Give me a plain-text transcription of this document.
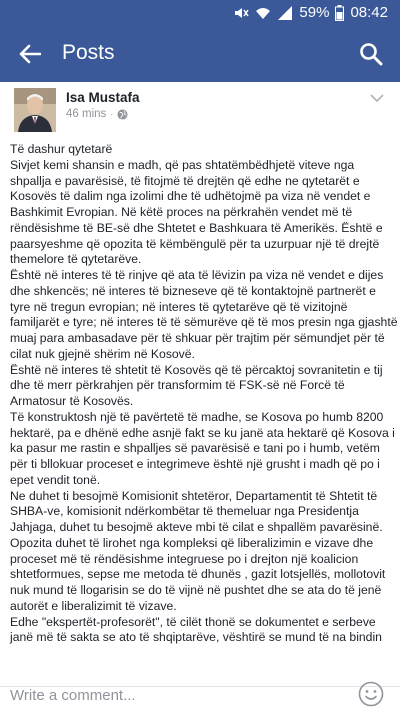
59% 08:42
Posts
Isa Mustafa
46 mins ·

Të dashur qytetarë

Sivjet kemi shansin e madh, që pas shtatëmbëdhjetë viteve nga shpallja e pavarësisë, të fitojmë të drejtën që edhe ne qytetarët e Kosovës të dalim nga izolimi dhe të udhëtojmë pa viza në vendet e Bashkimit Evropian. Në këtë proces na përkrahën vendet më të rëndësishme të BE-së dhe Shtetet e Bashkuara të Amerikës. Është e paarsyeshme që opozita të këmbëngulë për ta uzurpuar një të drejtë themelore të qytetarëve.

Është në interes të të rinjve që ata të lëvizin pa viza në vendet e dijes dhe shkencës; në interes të bizneseve që të kontaktojnë partnerët e tyre në tregun evropian; në interes të qytetarëve që të vizitojnë familjarët e tyre; në interes të të sëmurëve që të mos presin nga gjashtë muaj para ambasadave për të shkuar për trajtim për sëmundjet për të cilat nuk gjejnë shërim në Kosovë.

Është në interes të shtetit të Kosovës që të përcaktoj sovranitetin e tij dhe të merr përkrahjen për transformim të FSK-së në Forcë të Armatosur të Kosovës.

Të konstruktosh një të pavërtetë të madhe, se Kosova po humb 8200 hektarë, pa e dhënë edhe asnjë fakt se ku janë ata hektarë që Kosova i ka pasur me rastin e shpalljes së pavarësisë e tani po i humb, vetëm për ti bllokuar proceset e integrimeve është një grusht i madh që po i epet vendit tonë.

Ne duhet ti besojmë Komisionit shtetëror, Departamentit të Shtetit të SHBA-ve, komisionit ndërkombëtar të themeluar nga Presidentja Jahjaga, duhet tu besojmë akteve mbi të cilat e shpallëm pavarësinë.

Opozita duhet të lirohet nga kompleksi që liberalizimin e vizave dhe proceset më të rëndësishme integruese po i drejton një koalicion shtetformues, sepse me metoda të dhunës , gazit lotsjellës, mollotovit nuk mund të llogarisin se do të vijnë në pushtet dhe se ata do të jenë autorët e liberalizimit të vizave.

Edhe "ekspertët-profesorët", të cilët thonë se dokumentet e serbeve janë më të sakta se ato të shqiptarëve, vështirë se mund të na bindin

Write a comment...
